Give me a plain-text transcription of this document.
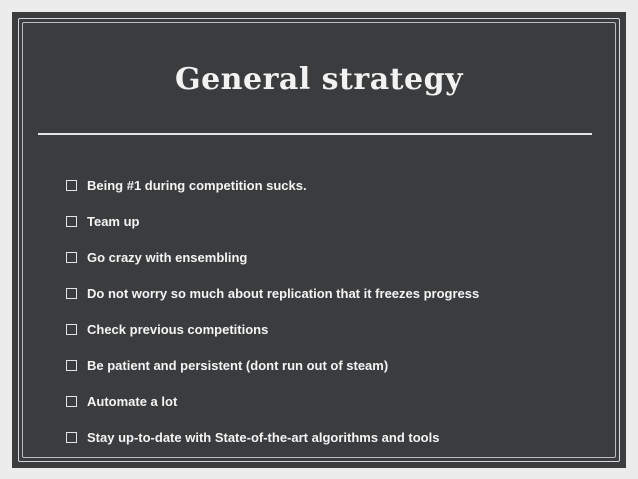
General strategy
Being #1 during competition sucks.
Team up
Go crazy with ensembling
Do not worry so much about replication that it freezes progress
Check previous competitions
Be patient and persistent (dont run out of steam)
Automate a lot
Stay up-to-date with State-of-the-art algorithms and tools
